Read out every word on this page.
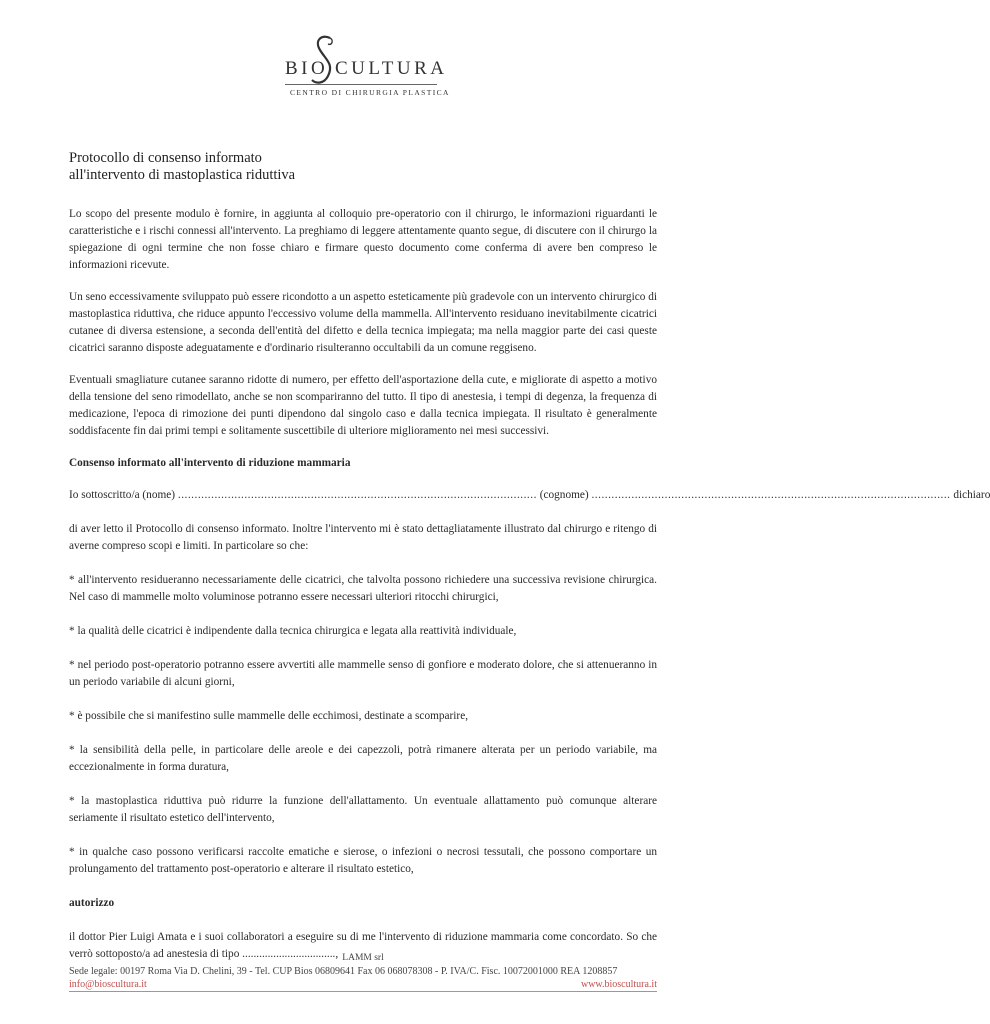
BIO CULTURA
CENTRO DI CHIRURGIA PLASTICA
Protocollo di consenso informato
all'intervento di mastoplastica riduttiva

Lo scopo del presente modulo è fornire, in aggiunta al colloquio pre-operatorio con il chirurgo, le informazioni riguardanti le caratteristiche e i rischi connessi all'intervento. La preghiamo di leggere attentamente quanto segue, di discutere con il chirurgo la spiegazione di ogni termine che non fosse chiaro e firmare questo documento come conferma di avere ben compreso le informazioni ricevute.

Un seno eccessivamente sviluppato può essere ricondotto a un aspetto esteticamente più gradevole con un intervento chirurgico di mastoplastica riduttiva, che riduce appunto l'eccessivo volume della mammella. All'intervento residuano inevitabilmente cicatrici cutanee di diversa estensione, a seconda dell'entità del difetto e della tecnica impiegata; ma nella maggior parte dei casi queste cicatrici saranno disposte adeguatamente e d'ordinario risulteranno occultabili da un comune reggiseno.

Eventuali smagliature cutanee saranno ridotte di numero, per effetto dell'asportazione della cute, e migliorate di aspetto a motivo della tensione del seno rimodellato, anche se non scompariranno del tutto. Il tipo di anestesia, i tempi di degenza, la frequenza di medicazione, l'epoca di rimozione dei punti dipendono dal singolo caso e dalla tecnica impiegata. Il risultato è generalmente soddisfacente fin dai primi tempi e solitamente suscettibile di ulteriore miglioramento nei mesi successivi.

Consenso informato all'intervento di riduzione mammaria

Io sottoscritto/a (nome)
............................................................................................................
(cognome)
............................................................................................................
dichiaro

di aver letto il Protocollo di consenso informato. Inoltre l'intervento mi è stato dettagliatamente illustrato dal chirurgo e ritengo di averne compreso scopi e limiti. In particolare so che:

* all'intervento residueranno necessariamente delle cicatrici, che talvolta possono richiedere una successiva revisione chirurgica. Nel caso di mammelle molto voluminose potranno essere necessari ulteriori ritocchi chirurgici,

* la qualità delle cicatrici è indipendente dalla tecnica chirurgica e legata alla reattività individuale,

* nel periodo post-operatorio potranno essere avvertiti alle mammelle senso di gonfiore e moderato dolore, che si attenueranno in un periodo variabile di alcuni giorni,

* è possibile che si manifestino sulle mammelle delle ecchimosi, destinate a scomparire,

* la sensibilità della pelle, in particolare delle areole e dei capezzoli, potrà rimanere alterata per un periodo variabile, ma eccezionalmente in forma duratura,

* la mastoplastica riduttiva può ridurre la funzione dell'allattamento. Un eventuale allattamento può comunque alterare seriamente il risultato estetico dell'intervento,

* in qualche caso possono verificarsi raccolte ematiche e sierose, o infezioni o necrosi tessutali, che possono comportare un prolungamento del trattamento post-operatorio e alterare il risultato estetico,

autorizzo

il dottor Pier Luigi Amata e i suoi collaboratori a eseguire su di me l'intervento di riduzione mammaria come concordato. So che verrò sottoposto/a ad anestesia di tipo ................................., LAMM srl
Sede legale: 00197 Roma Via D. Chelini, 39 - Tel. CUP Bios 06809641 Fax 06 068078308 - P. IVA/C. Fisc. 10072001000 REA 1208857
info@bioscultura.it	www.bioscultura.it
